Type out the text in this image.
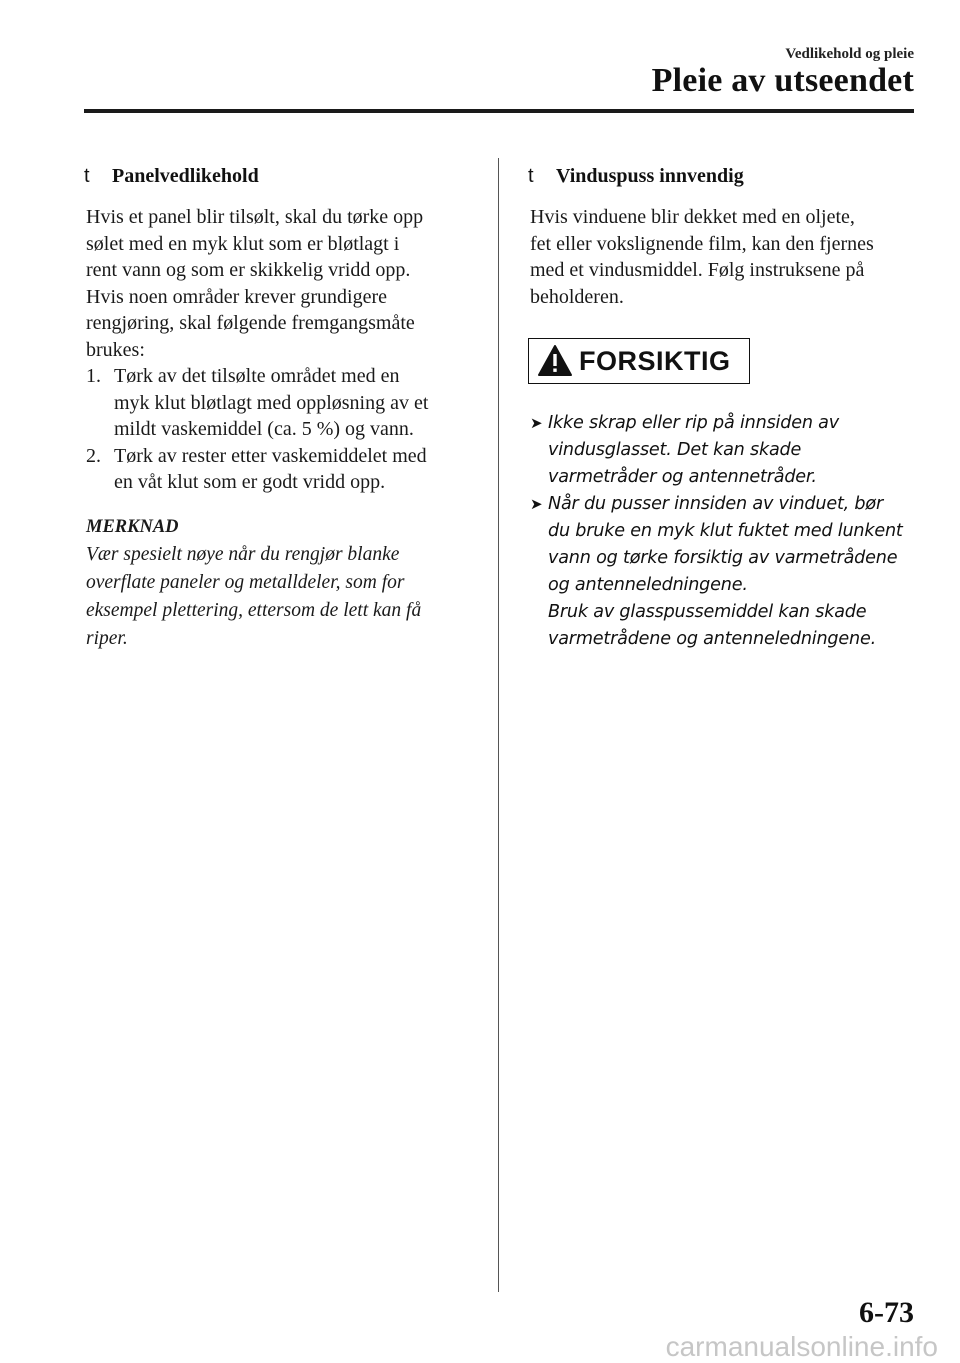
Vedlikehold og pleie
Pleie av utseendet
t Panelvedlikehold

Hvis et panel blir tilsølt, skal du tørke opp

sølet med en myk klut som er bløtlagt i

rent vann og som er skikkelig vridd opp.

Hvis noen områder krever grundigere

rengjøring, skal følgende fremgangsmåte

brukes:

1. Tørk av det tilsølte området med en

myk klut bløtlagt med oppløsning av et

mildt vaskemiddel (ca. 5 %) og vann.

2. Tørk av rester etter vaskemiddelet med

en våt klut som er godt vridd opp.

MERKNAD
Vær spesielt nøye når du rengjør blanke
overflate paneler og metalldeler, som for
eksempel plettering, ettersom de lett kan få
riper.
t Vinduspuss innvendig

Hvis vinduene blir dekket med en oljete,

fet eller vokslignende film, kan den fjernes

med et vindusmiddel. Følg instruksene på

beholderen.

FORSIKTIG
➤ Ikke skrap eller rip på innsiden av
vindusglasset. Det kan skade
varmetråder og antennetråder.
➤ Når du pusser innsiden av vinduet, bør
du bruke en myk klut fuktet med lunkent
vann og tørke forsiktig av varmetrådene
og antenneledningene.
Bruk av glasspussemiddel kan skade
varmetrådene og antenneledningene.
6-73
carmanualsonline.info
